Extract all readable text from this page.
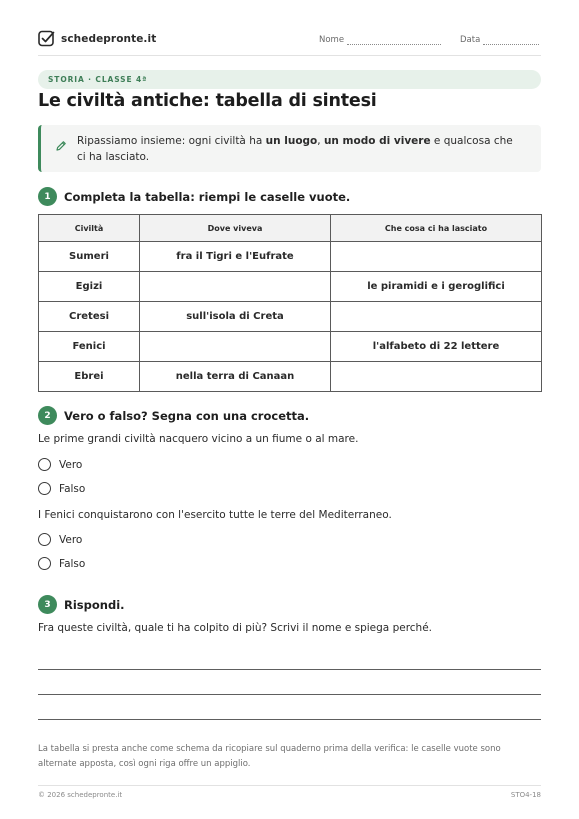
schedepronte.it	Nome	Data
STORIA · CLASSE 4ª
Le civiltà antiche: tabella di sintesi
Ripassiamo insieme: ogni civiltà ha un luogo, un modo di vivere e qualcosa che ci ha lasciato.
1	Completa la tabella: riempi le caselle vuote.
Civiltà	Dove viveva	Che cosa ci ha lasciato
Sumeri	fra il Tigri e l'Eufrate	
Egizi		le piramidi e i geroglifici
Cretesi	sull'isola di Creta	
Fenici		l'alfabeto di 22 lettere
Ebrei	nella terra di Canaan	
2	Vero o falso? Segna con una crocetta.
Le prime grandi civiltà nacquero vicino a un fiume o al mare.
Vero
Falso
I Fenici conquistarono con l'esercito tutte le terre del Mediterraneo.
Vero
Falso
3	Rispondi.
Fra queste civiltà, quale ti ha colpito di più? Scrivi il nome e spiega perché.
La tabella si presta anche come schema da ricopiare sul quaderno prima della verifica: le caselle vuote sono alternate apposta, così ogni riga offre un appiglio.
© 2026 schedepronte.it	STO4-18
